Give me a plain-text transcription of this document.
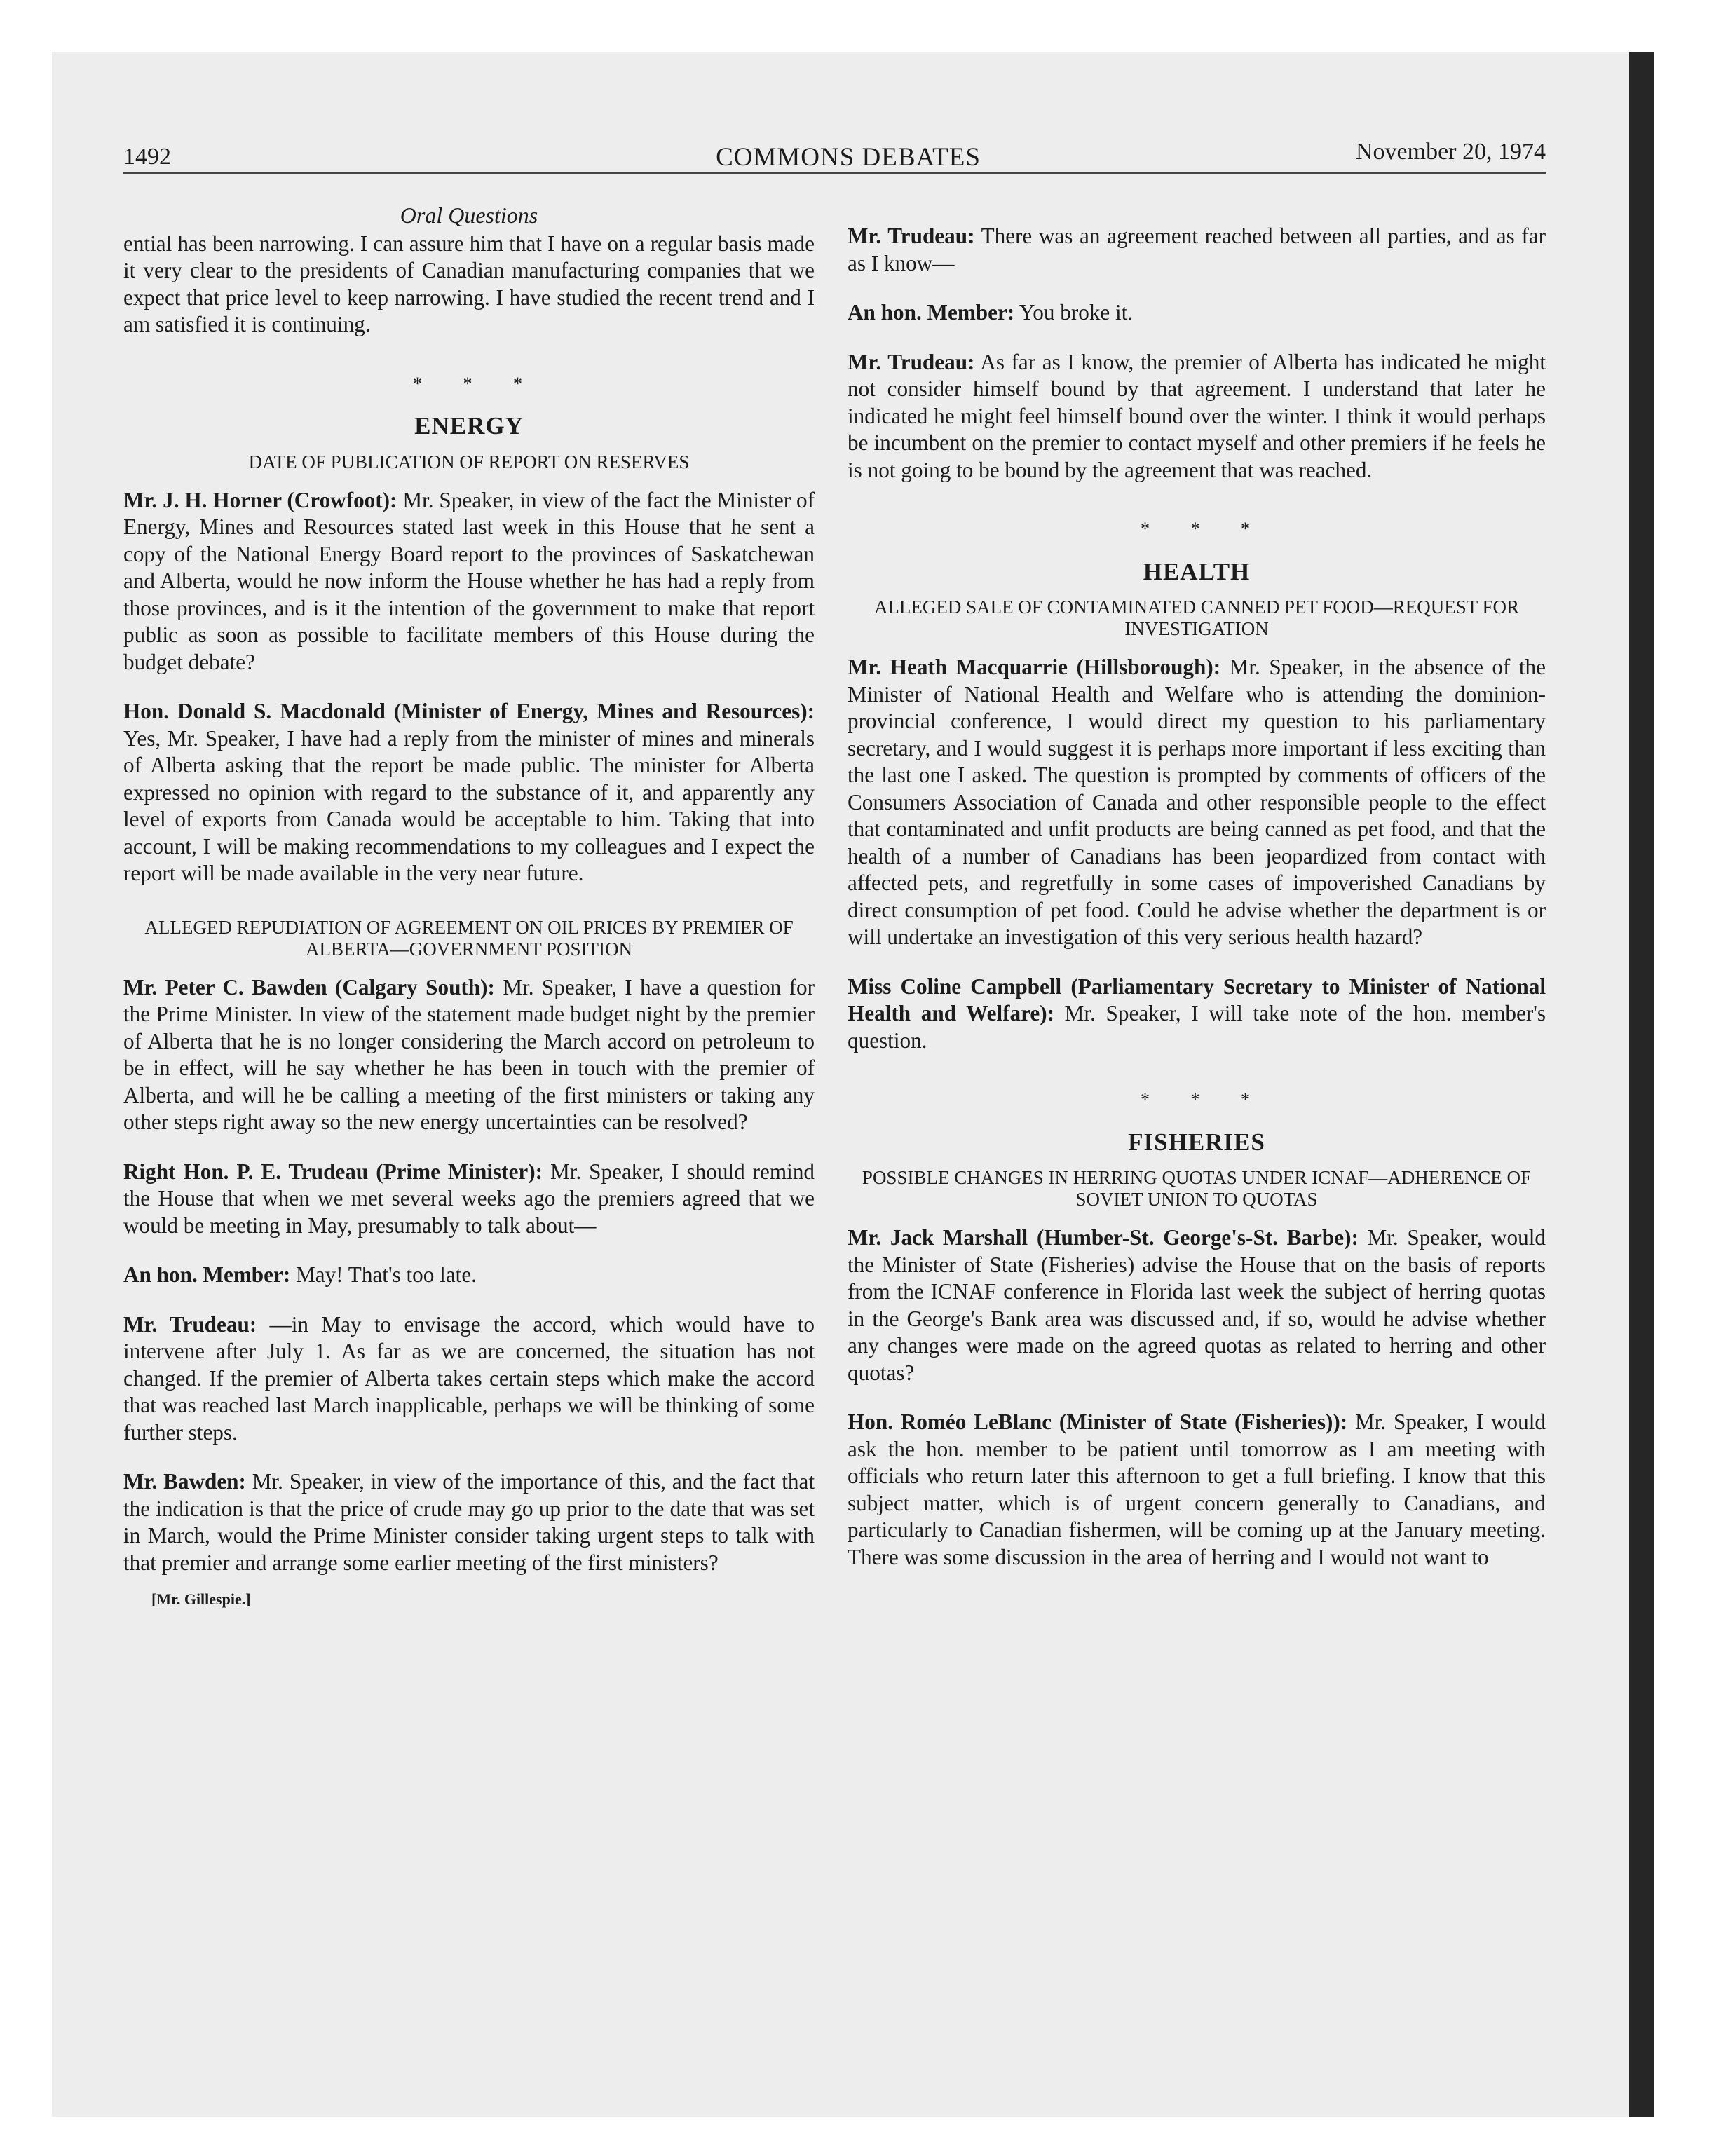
1492	COMMONS DEBATES	November 20, 1974
Oral Questions

ential has been narrowing. I can assure him that I have on a regular basis made it very clear to the presidents of Canadian manufacturing companies that we expect that price level to keep narrowing. I have studied the recent trend and I am satisfied it is continuing.

* * *
ENERGY
DATE OF PUBLICATION OF REPORT ON RESERVES

Mr. J. H. Horner (Crowfoot): Mr. Speaker, in view of the fact the Minister of Energy, Mines and Resources stated last week in this House that he sent a copy of the National Energy Board report to the provinces of Saskatchewan and Alberta, would he now inform the House whether he has had a reply from those provinces, and is it the intention of the government to make that report public as soon as possible to facilitate members of this House during the budget debate?

Hon. Donald S. Macdonald (Minister of Energy, Mines and Resources): Yes, Mr. Speaker, I have had a reply from the minister of mines and minerals of Alberta asking that the report be made public. The minister for Alberta expressed no opinion with regard to the substance of it, and apparently any level of exports from Canada would be acceptable to him. Taking that into account, I will be making recommendations to my colleagues and I expect the report will be made available in the very near future.

ALLEGED REPUDIATION OF AGREEMENT ON OIL PRICES BY PREMIER OF ALBERTA—GOVERNMENT POSITION

Mr. Peter C. Bawden (Calgary South): Mr. Speaker, I have a question for the Prime Minister. In view of the statement made budget night by the premier of Alberta that he is no longer considering the March accord on petroleum to be in effect, will he say whether he has been in touch with the premier of Alberta, and will he be calling a meeting of the first ministers or taking any other steps right away so the new energy uncertainties can be resolved?

Right Hon. P. E. Trudeau (Prime Minister): Mr. Speaker, I should remind the House that when we met several weeks ago the premiers agreed that we would be meeting in May, presumably to talk about—

An hon. Member: May! That's too late.

Mr. Trudeau: —in May to envisage the accord, which would have to intervene after July 1. As far as we are concerned, the situation has not changed. If the premier of Alberta takes certain steps which make the accord that was reached last March inapplicable, perhaps we will be thinking of some further steps.

Mr. Bawden: Mr. Speaker, in view of the importance of this, and the fact that the indication is that the price of crude may go up prior to the date that was set in March, would the Prime Minister consider taking urgent steps to talk with that premier and arrange some earlier meeting of the first ministers?

[Mr. Gillespie.]

Mr. Trudeau: There was an agreement reached between all parties, and as far as I know—

An hon. Member: You broke it.

Mr. Trudeau: As far as I know, the premier of Alberta has indicated he might not consider himself bound by that agreement. I understand that later he indicated he might feel himself bound over the winter. I think it would perhaps be incumbent on the premier to contact myself and other premiers if he feels he is not going to be bound by the agreement that was reached.

* * *
HEALTH
ALLEGED SALE OF CONTAMINATED CANNED PET FOOD—REQUEST FOR INVESTIGATION

Mr. Heath Macquarrie (Hillsborough): Mr. Speaker, in the absence of the Minister of National Health and Welfare who is attending the dominion-provincial conference, I would direct my question to his parliamentary secretary, and I would suggest it is perhaps more important if less exciting than the last one I asked. The question is prompted by comments of officers of the Consumers Association of Canada and other responsible people to the effect that contaminated and unfit products are being canned as pet food, and that the health of a number of Canadians has been jeopardized from contact with affected pets, and regretfully in some cases of impoverished Canadians by direct consumption of pet food. Could he advise whether the department is or will undertake an investigation of this very serious health hazard?

Miss Coline Campbell (Parliamentary Secretary to Minister of National Health and Welfare): Mr. Speaker, I will take note of the hon. member's question.

* * *
FISHERIES
POSSIBLE CHANGES IN HERRING QUOTAS UNDER ICNAF—ADHERENCE OF SOVIET UNION TO QUOTAS

Mr. Jack Marshall (Humber-St. George's-St. Barbe): Mr. Speaker, would the Minister of State (Fisheries) advise the House that on the basis of reports from the ICNAF conference in Florida last week the subject of herring quotas in the George's Bank area was discussed and, if so, would he advise whether any changes were made on the agreed quotas as related to herring and other quotas?

Hon. Roméo LeBlanc (Minister of State (Fisheries)): Mr. Speaker, I would ask the hon. member to be patient until tomorrow as I am meeting with officials who return later this afternoon to get a full briefing. I know that this subject matter, which is of urgent concern generally to Canadians, and particularly to Canadian fishermen, will be coming up at the January meeting. There was some discussion in the area of herring and I would not want to
